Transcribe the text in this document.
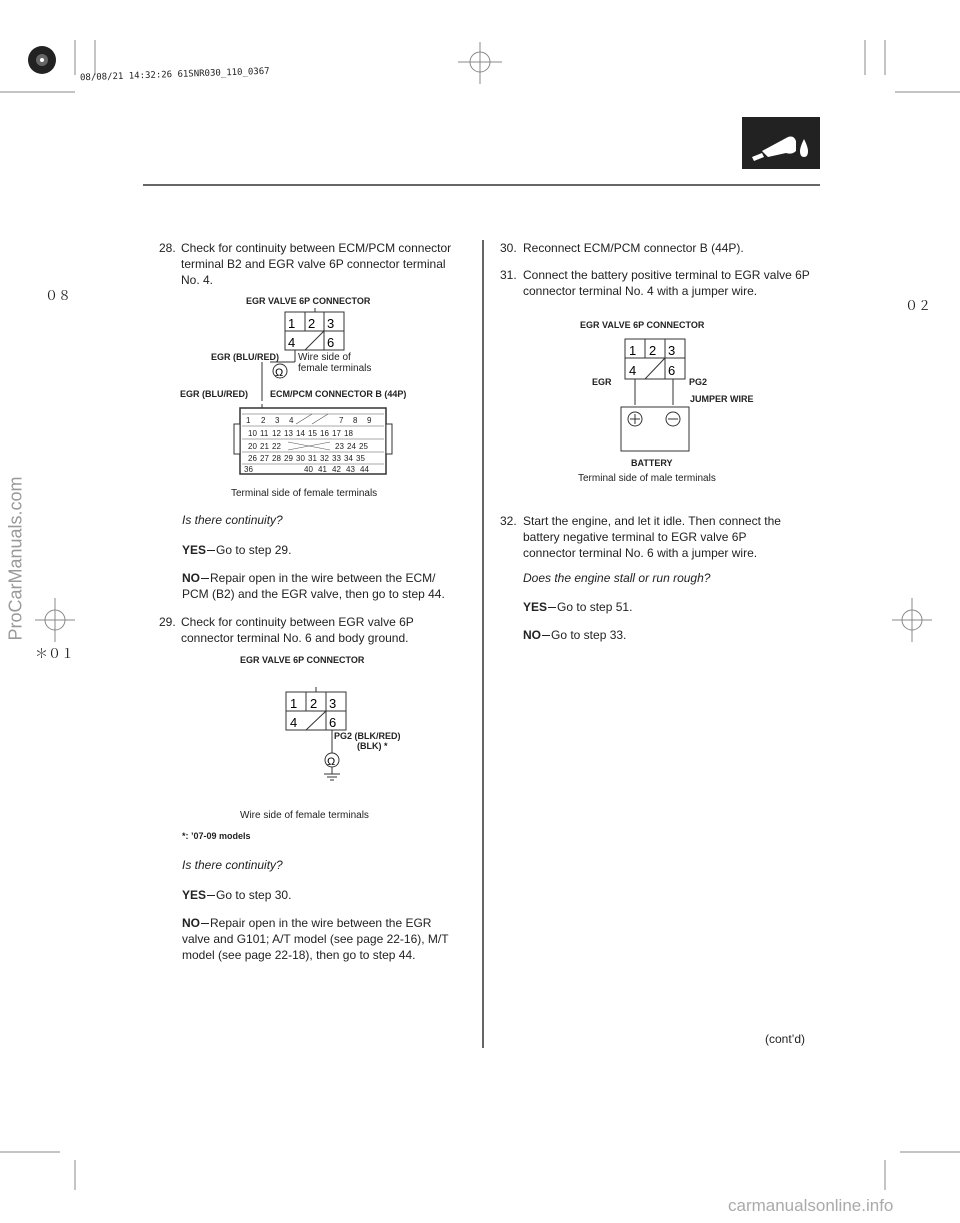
08/08/21 14:32:26 61SNR030_110_0367
０８
０２
＊０１
ProCarManuals.com
carmanualsonline.info
28. Check for continuity between ECM/PCM connector terminal B2 and EGR valve 6P connector terminal No. 4.
EGR VALVE 6P CONNECTOR
EGR (BLU/RED) Wire side of
female terminals
EGR (BLU/RED) ECM/PCM CONNECTOR B (44P)
1 2 3
4 6
Ω
1 2 3 4	7 8 9
10 11 12 13 14 15 16 17 18
20 21 22	23 24 25
26 27 28 29 30 31 32 33 34 35
36	40 41 42 43 44
Terminal side of female terminals
Is there continuity?
YES Go to step 29.
NO Repair open in the wire between the ECM/ PCM (B2) and the EGR valve, then go to step 44.
29. Check for continuity between EGR valve 6P connector terminal No. 6 and body ground.
EGR VALVE 6P CONNECTOR
1 2 3
4 6
Ω
PG2 (BLK/RED)
(BLK) *
Wire side of female terminals
*: ’07-09 models
Is there continuity?
YES Go to step 30.
NO Repair open in the wire between the EGR valve and G101; A/T model (see page 22-16), M/T model (see page 22-18), then go to step 44.
30. Reconnect ECM/PCM connector B (44P).
31. Connect the battery positive terminal to EGR valve 6P connector terminal No. 4 with a jumper wire.
EGR VALVE 6P CONNECTOR
1 2 3
4 6
EGR	PG2
JUMPER WIRE
BATTERY
Terminal side of male terminals
32. Start the engine, and let it idle. Then connect the battery negative terminal to EGR valve 6P connector terminal No. 6 with a jumper wire.
Does the engine stall or run rough?
YES Go to step 51.
NO Go to step 33.
(cont’d)
